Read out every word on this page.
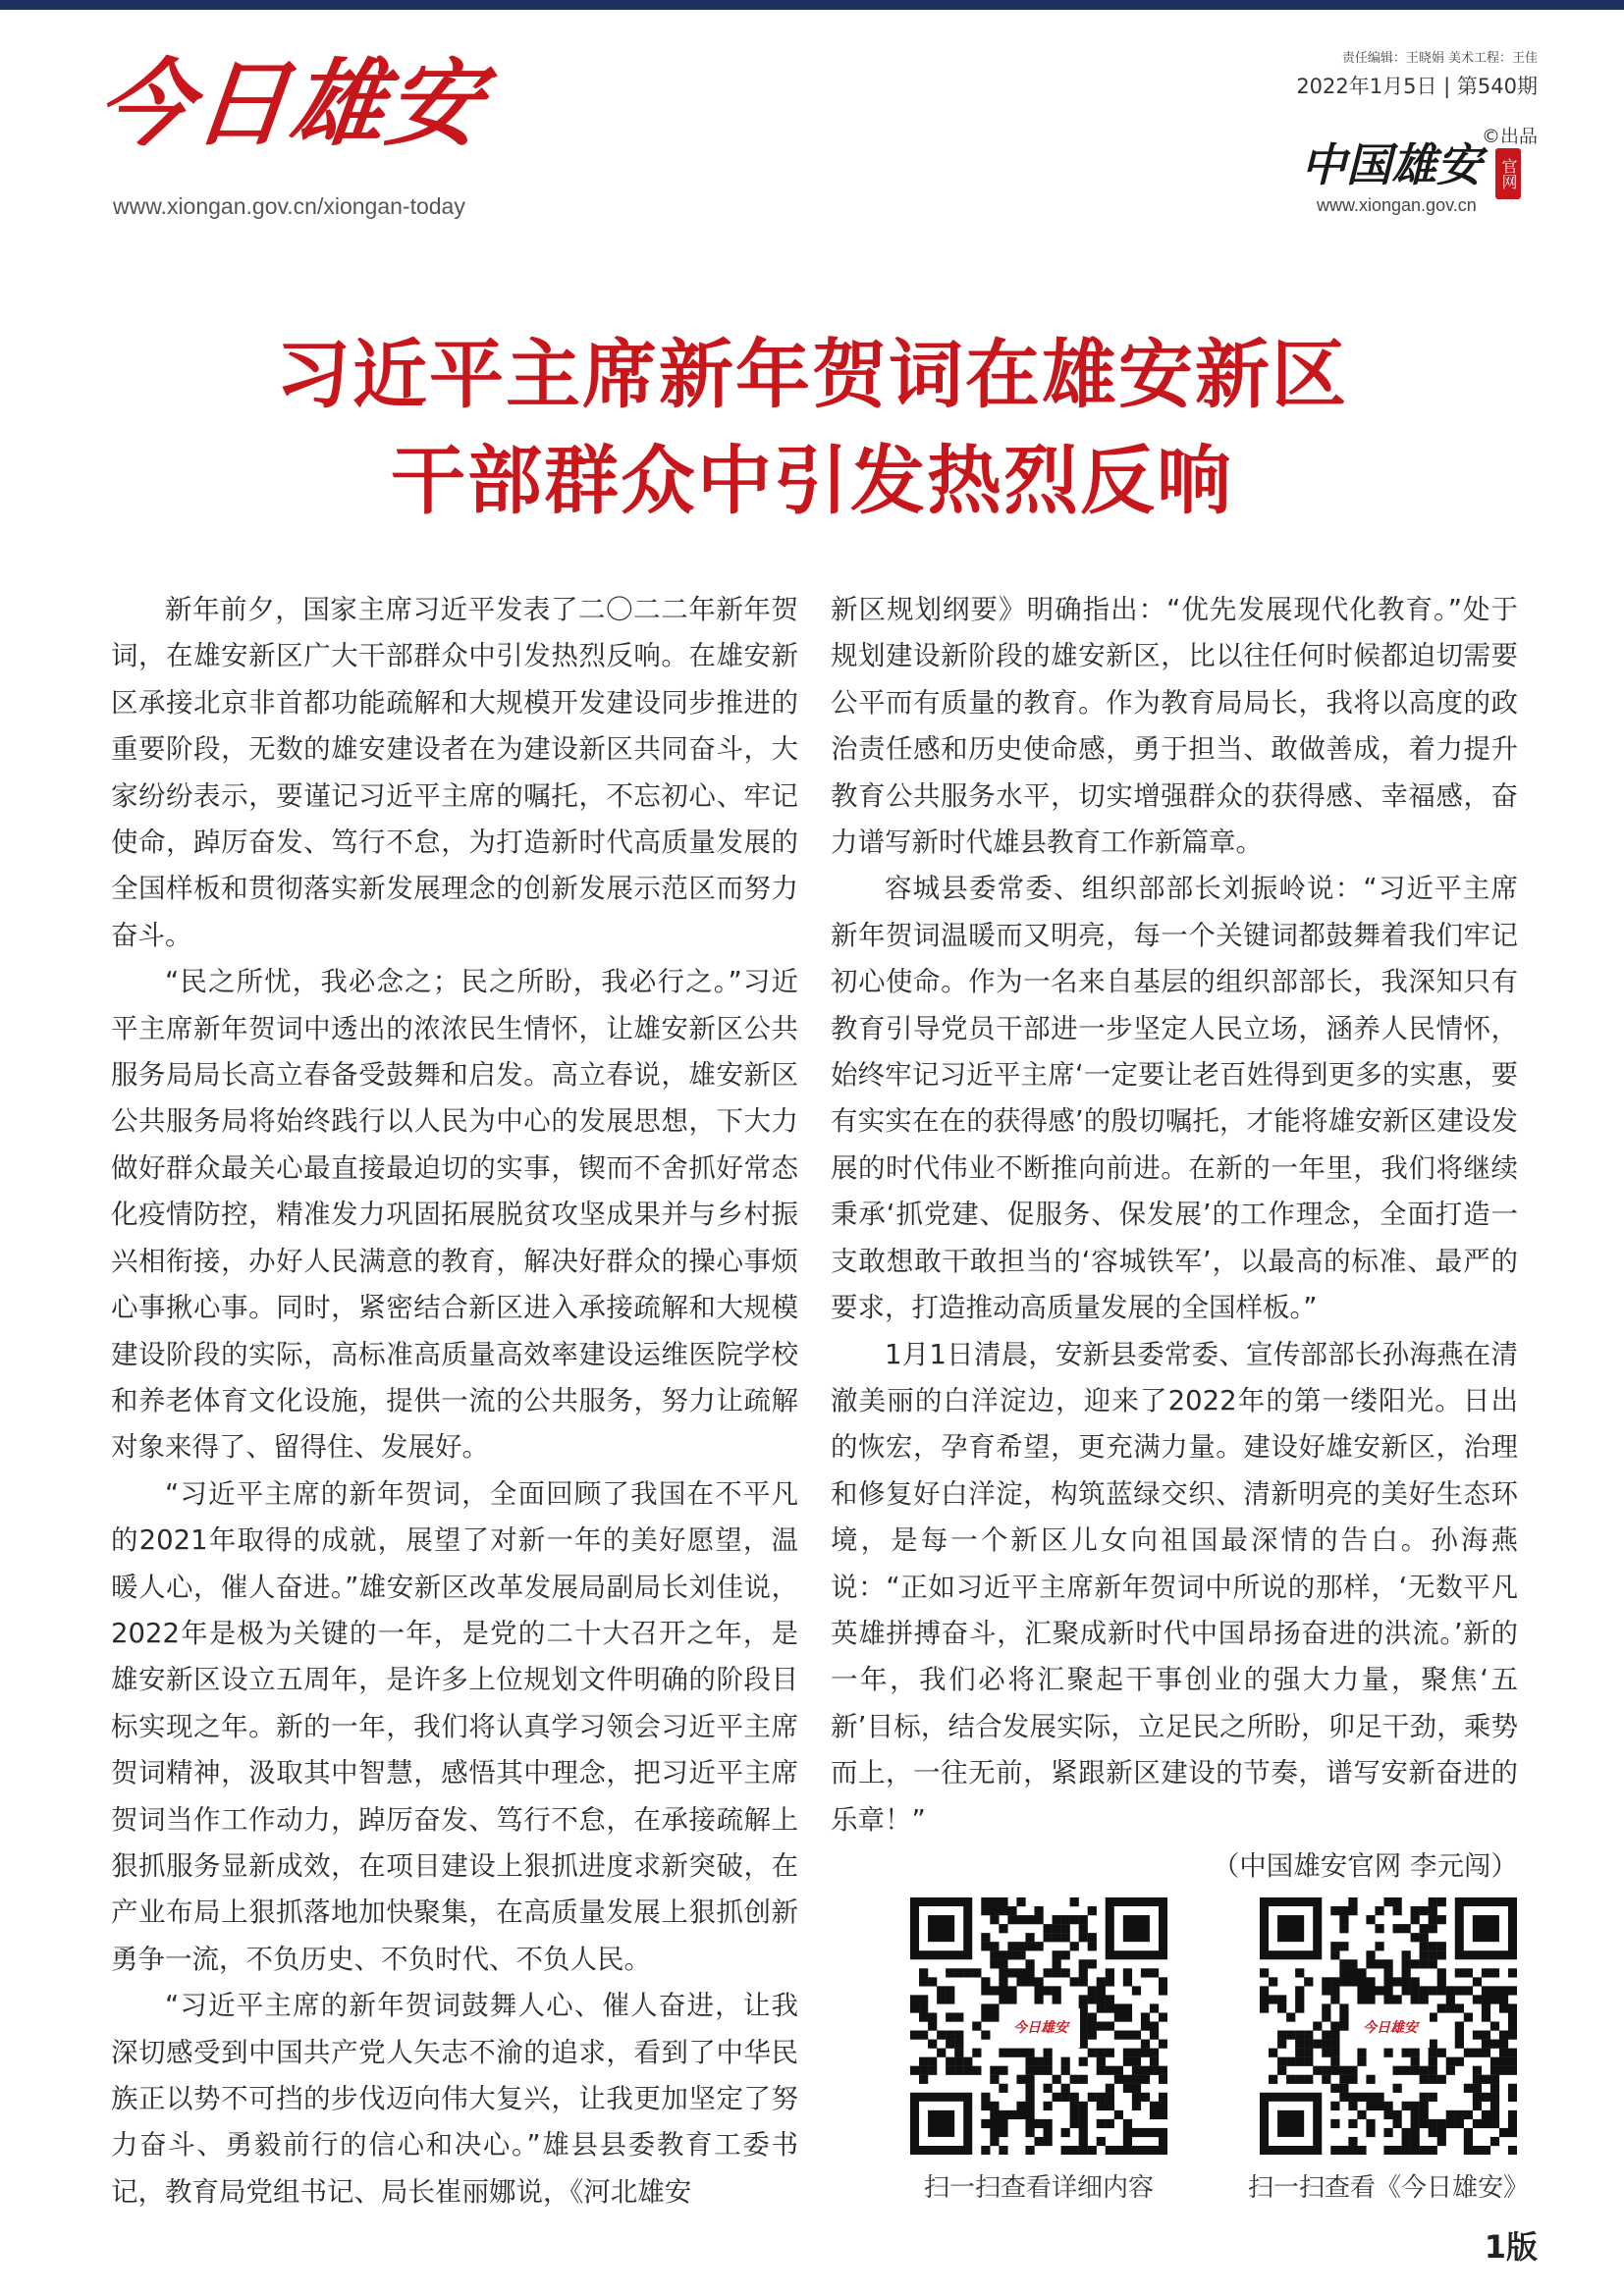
今日雄安
www.xiongan.gov.cn/xiongan-today
责任编辑：王晓娟 美术工程：王佳
2022年1月5日 | 第540期
©出品
中国雄安 官网
www.xiongan.gov.cn
习近平主席新年贺词在雄安新区
干部群众中引发热烈反响

新年前夕，国家主席习近平发表了二〇二二年新年贺词，在雄安新区广大干部群众中引发热烈反响。在雄安新区承接北京非首都功能疏解和大规模开发建设同步推进的重要阶段，无数的雄安建设者在为建设新区共同奋斗，大家纷纷表示，要谨记习近平主席的嘱托，不忘初心、牢记使命，踔厉奋发、笃行不怠，为打造新时代高质量发展的全国样板和贯彻落实新发展理念的创新发展示范区而努力奋斗。

“民之所忧，我必念之；民之所盼，我必行之。”习近平主席新年贺词中透出的浓浓民生情怀，让雄安新区公共服务局局长高立春备受鼓舞和启发。高立春说，雄安新区公共服务局将始终践行以人民为中心的发展思想，下大力做好群众最关心最直接最迫切的实事，锲而不舍抓好常态化疫情防控，精准发力巩固拓展脱贫攻坚成果并与乡村振兴相衔接，办好人民满意的教育，解决好群众的操心事烦心事揪心事。同时，紧密结合新区进入承接疏解和大规模建设阶段的实际，高标准高质量高效率建设运维医院学校和养老体育文化设施，提供一流的公共服务，努力让疏解对象来得了、留得住、发展好。

“习近平主席的新年贺词，全面回顾了我国在不平凡的2021年取得的成就，展望了对新一年的美好愿望，温暖人心，催人奋进。”雄安新区改革发展局副局长刘佳说，2022年是极为关键的一年，是党的二十大召开之年，是雄安新区设立五周年，是许多上位规划文件明确的阶段目标实现之年。新的一年，我们将认真学习领会习近平主席贺词精神，汲取其中智慧，感悟其中理念，把习近平主席贺词当作工作动力，踔厉奋发、笃行不怠，在承接疏解上狠抓服务显新成效，在项目建设上狠抓进度求新突破，在产业布局上狠抓落地加快聚集，在高质量发展上狠抓创新勇争一流，不负历史、不负时代、不负人民。

“习近平主席的新年贺词鼓舞人心、催人奋进，让我深切感受到中国共产党人矢志不渝的追求，看到了中华民族正以势不可挡的步伐迈向伟大复兴，让我更加坚定了努力奋斗、勇毅前行的信心和决心。”雄县县委教育工委书记，教育局党组书记、局长崔丽娜说，《河北雄安

新区规划纲要》明确指出：“优先发展现代化教育。”处于规划建设新阶段的雄安新区，比以往任何时候都迫切需要公平而有质量的教育。作为教育局局长，我将以高度的政治责任感和历史使命感，勇于担当、敢做善成，着力提升教育公共服务水平，切实增强群众的获得感、幸福感，奋力谱写新时代雄县教育工作新篇章。

容城县委常委、组织部部长刘振岭说：“习近平主席新年贺词温暖而又明亮，每一个关键词都鼓舞着我们牢记初心使命。作为一名来自基层的组织部部长，我深知只有教育引导党员干部进一步坚定人民立场，涵养人民情怀，始终牢记习近平主席‘一定要让老百姓得到更多的实惠，要有实实在在的获得感’的殷切嘱托，才能将雄安新区建设发展的时代伟业不断推向前进。在新的一年里，我们将继续秉承‘抓党建、促服务、保发展’的工作理念，全面打造一支敢想敢干敢担当的‘容城铁军’，以最高的标准、最严的要求，打造推动高质量发展的全国样板。”

1月1日清晨，安新县委常委、宣传部部长孙海燕在清澈美丽的白洋淀边，迎来了2022年的第一缕阳光。日出的恢宏，孕育希望，更充满力量。建设好雄安新区，治理和修复好白洋淀，构筑蓝绿交织、清新明亮的美好生态环境，是每一个新区儿女向祖国最深情的告白。孙海燕说：“正如习近平主席新年贺词中所说的那样，‘无数平凡英雄拼搏奋斗，汇聚成新时代中国昂扬奋进的洪流。’新的一年，我们必将汇聚起干事创业的强大力量，聚焦‘五新’目标，结合发展实际，立足民之所盼，卯足干劲，乘势而上，一往无前，紧跟新区建设的节奏，谱写安新奋进的乐章！”

（中国雄安官网 李元闯）
今日雄安
扫一扫查看详细内容
今日雄安
扫一扫查看《今日雄安》
1版
